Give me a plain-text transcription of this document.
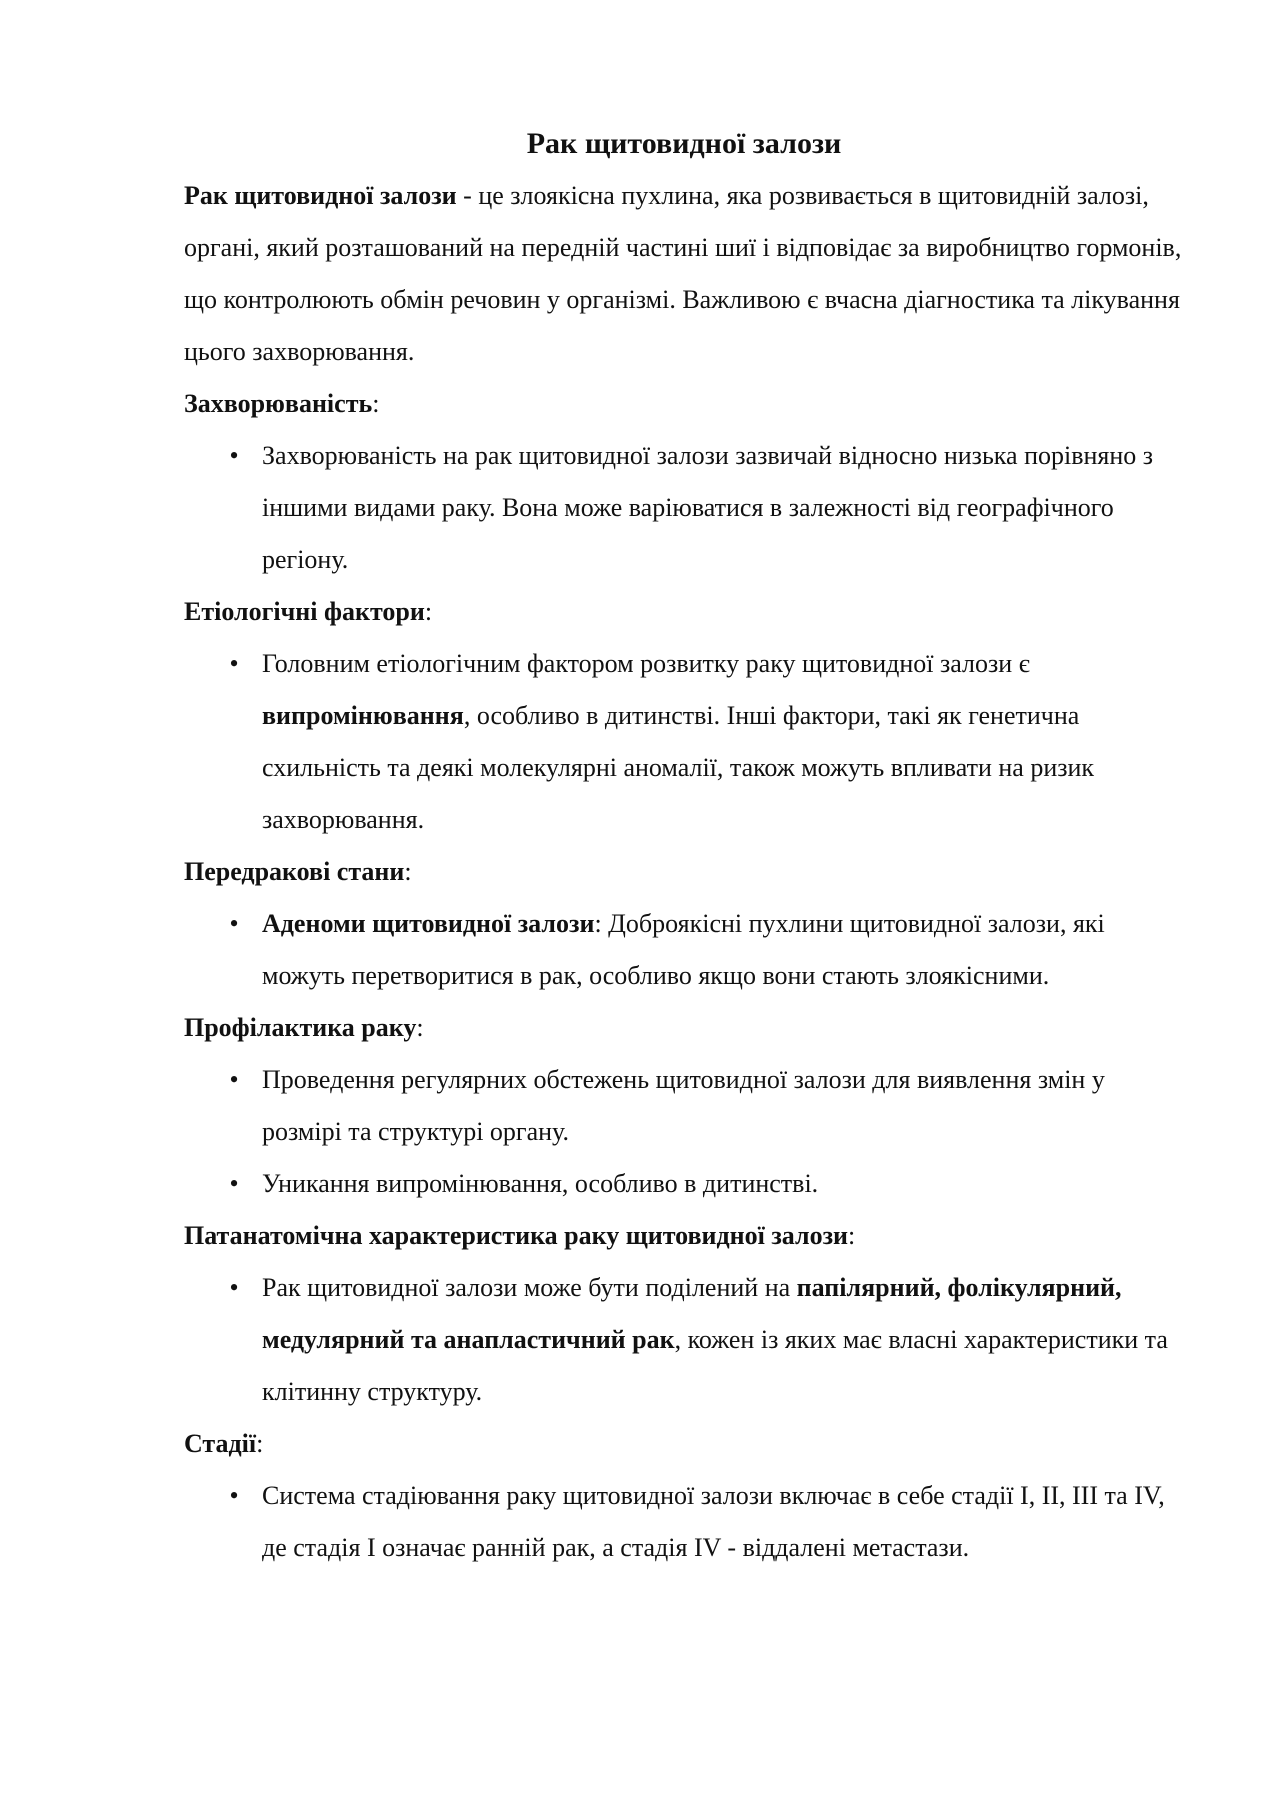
Рак щитовидної залози

Рак щитовидної залози - це злоякісна пухлина, яка розвивається в щитовидній залозі, органі, який розташований на передній частині шиї і відповідає за виробництво гормонів, що контролюють обмін речовин у організмі. Важливою є вчасна діагностика та лікування цього захворювання.

Захворюваність:

• Захворюваність на рак щитовидної залози зазвичай відносно низька порівняно з іншими видами раку. Вона може варіюватися в залежності від географічного регіону.

Етіологічні фактори:

• Головним етіологічним фактором розвитку раку щитовидної залози є випромінювання, особливо в дитинстві. Інші фактори, такі як генетична схильність та деякі молекулярні аномалії, також можуть впливати на ризик захворювання.

Передракові стани:

• Аденоми щитовидної залози: Доброякісні пухлини щитовидної залози, які можуть перетворитися в рак, особливо якщо вони стають злоякісними.

Профілактика раку:

• Проведення регулярних обстежень щитовидної залози для виявлення змін у розмірі та структурі органу.
• Уникання випромінювання, особливо в дитинстві.

Патанатомічна характеристика раку щитовидної залози:

• Рак щитовидної залози може бути поділений на папілярний, фолікулярний, медулярний та анапластичний рак, кожен із яких має власні характеристики та клітинну структуру.

Стадії:

• Система стадіювання раку щитовидної залози включає в себе стадії I, II, III та IV, де стадія I означає ранній рак, а стадія IV - віддалені метастази.
